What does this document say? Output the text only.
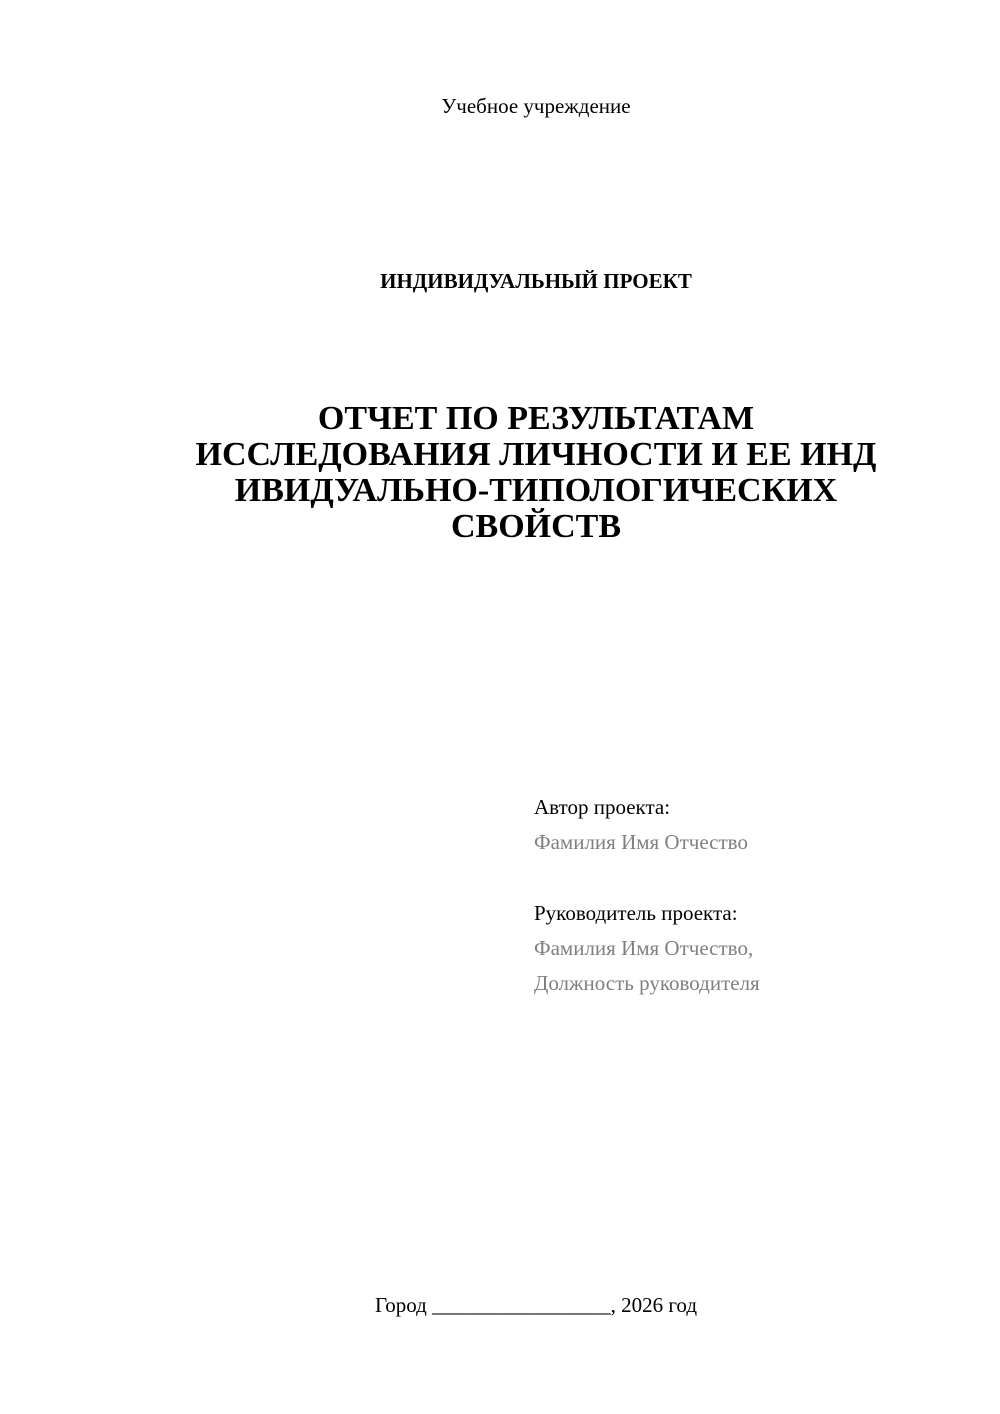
Учебное учреждение
ИНДИВИДУАЛЬНЫЙ ПРОЕКТ
ОТЧЕТ ПО РЕЗУЛЬТАТАМ
ИССЛЕДОВАНИЯ ЛИЧНОСТИ И ЕЕ ИНД
ИВИДУАЛЬНО-ТИПОЛОГИЧЕСКИХ
СВОЙСТВ
Автор проекта:
Фамилия Имя Отчество
Руководитель проекта:
Фамилия Имя Отчество,
Должность руководителя
Город _________________, 2026 год
